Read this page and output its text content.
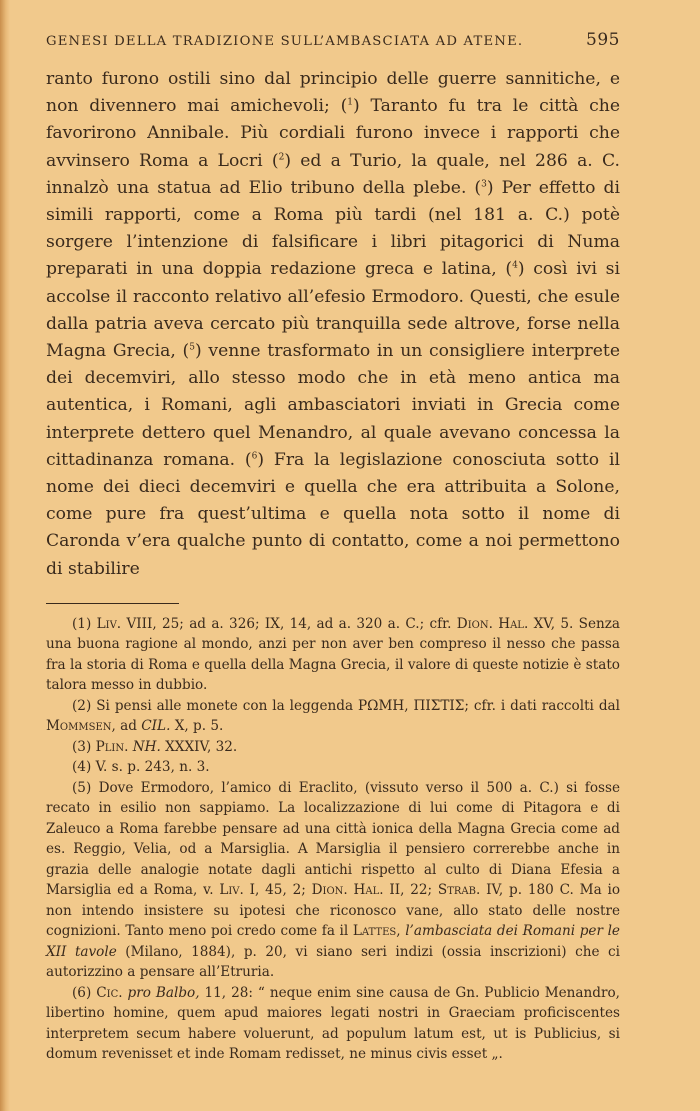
GENESI DELLA TRADIZIONE SULL’AMBASCIATA AD ATENE.	595
ranto furono ostili sino dal principio delle guerre sannitiche, e non divennero mai amichevoli; ($^1$) Taranto fu tra le città che favorirono Annibale. Più cordiali furono invece i rapporti che avvinsero Roma a Locri ($^2$) ed a Turio, la quale, nel 286 a. C. innalzò una statua ad Elio tribuno della plebe. ($^3$) Per effetto di simili rapporti, come a Roma più tardi (nel 181 a. C.) potè sorgere l’intenzione di falsificare i libri pitagorici di Numa preparati in una doppia redazione greca e latina, ($^4$) così ivi si accolse il racconto relativo all’efesio Ermodoro. Questi, che esule dalla patria aveva cercato più tranquilla sede altrove, forse nella Magna Grecia, ($^5$) venne trasformato in un consigliere interprete dei decemviri, allo stesso modo che in età meno antica ma autentica, i Romani, agli ambasciatori inviati in Grecia come interprete dettero quel Menandro, al quale avevano concessa la cittadinanza romana. ($^6$) Fra la legislazione conosciuta sotto il nome dei dieci decemviri e quella che era attribuita a Solone, come pure fra quest’ultima e quella nota sotto il nome di Caronda v’era qualche punto di contatto, come a noi permettono di stabilire

(1) Liv. VIII, 25; ad a. 326; IX, 14, ad a. 320 a. C.; cfr. Dion. Hal. XV, 5. Senza una buona ragione al mondo, anzi per non aver ben compreso il nesso che passa fra la storia di Roma e quella della Magna Grecia, il valore di queste notizie è stato talora messo in dubbio.

(2) Si pensi alle monete con la leggenda ΡΩΜΗ, ΠΙΣΤΙΣ; cfr. i dati raccolti dal Mommsen, ad CIL. X, p. 5.

(3) Plin. NH. XXXIV, 32.

(4) V. s. p. 243, n. 3.

(5) Dove Ermodoro, l’amico di Eraclito, (vissuto verso il 500 a. C.) si fosse recato in esilio non sappiamo. La localizzazione di lui come di Pitagora e di Zaleuco a Roma farebbe pensare ad una città ionica della Magna Grecia come ad es. Reggio, Velia, od a Marsiglia. A Marsiglia il pensiero correrebbe anche in grazia delle analogie notate dagli antichi rispetto al culto di Diana Efesia a Marsiglia ed a Roma, v. Liv. I, 45, 2; Dion. Hal. II, 22; Strab. IV, p. 180 C. Ma io non intendo insistere su ipotesi che riconosco vane, allo stato delle nostre cognizioni. Tanto meno poi credo come fa il Lattes, l’ambasciata dei Romani per le XII tavole (Milano, 1884), p. 20, vi siano seri indizi (ossia inscrizioni) che ci autorizzino a pensare all’Etruria.

(6) Cic. pro Balbo, 11, 28: “ neque enim sine causa de Gn. Publicio Menandro, libertino homine, quem apud maiores legati nostri in Graeciam proficiscentes interpretem secum habere voluerunt, ad populum latum est, ut is Publicius, si domum revenisset et inde Romam redisset, ne minus civis esset „.
